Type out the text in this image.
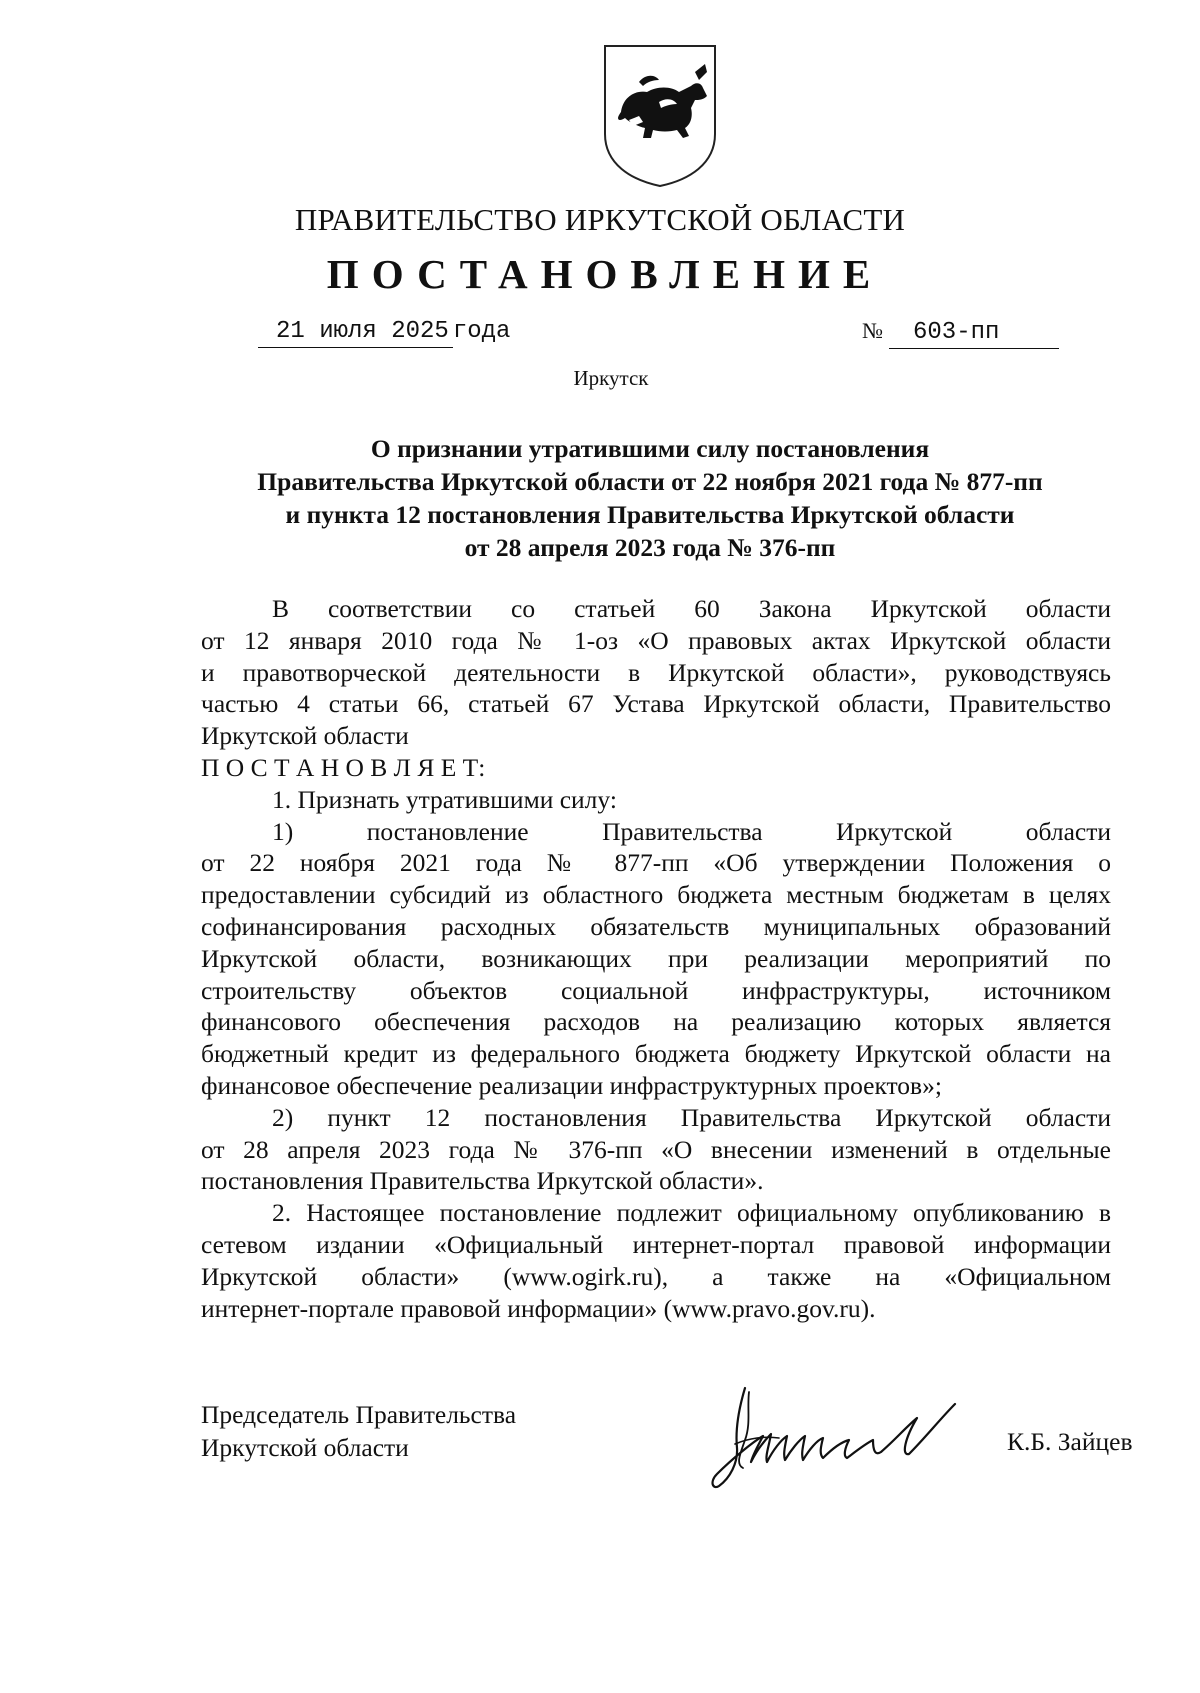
ПРАВИТЕЛЬСТВО ИРКУТСКОЙ ОБЛАСТИ
ПОСТАНОВЛЕНИЕ
21 июля 2025 года	№ 603-пп
Иркутск
О признании утратившими силу постановления
Правительства Иркутской области от 22 ноября 2021 года № 877-пп
и пункта 12 постановления Правительства Иркутской области
от 28 апреля 2023 года № 376-пп
В соответствии со статьей 60 Закона Иркутской области
от 12 января 2010 года № 1-оз «О правовых актах Иркутской области
и правотворческой деятельности в Иркутской области», руководствуясь
частью 4 статьи 66, статьей 67 Устава Иркутской области, Правительство
Иркутской области
П О С Т А Н О В Л Я Е Т:
1. Признать утратившими силу:
1) постановление Правительства Иркутской области
от 22 ноября 2021 года № 877-пп «Об утверждении Положения о
предоставлении субсидий из областного бюджета местным бюджетам в целях
софинансирования расходных обязательств муниципальных образований
Иркутской области, возникающих при реализации мероприятий по
строительству объектов социальной инфраструктуры, источником
финансового обеспечения расходов на реализацию которых является
бюджетный кредит из федерального бюджета бюджету Иркутской области на
финансовое обеспечение реализации инфраструктурных проектов»;
2) пункт 12 постановления Правительства Иркутской области
от 28 апреля 2023 года № 376-пп «О внесении изменений в отдельные
постановления Правительства Иркутской области».
2. Настоящее постановление подлежит официальному опубликованию в
сетевом издании «Официальный интернет-портал правовой информации
Иркутской области» (www.ogirk.ru), а также на «Официальном
интернет-портале правовой информации» (www.pravo.gov.ru).
Председатель Правительства
Иркутской области	К.Б. Зайцев
